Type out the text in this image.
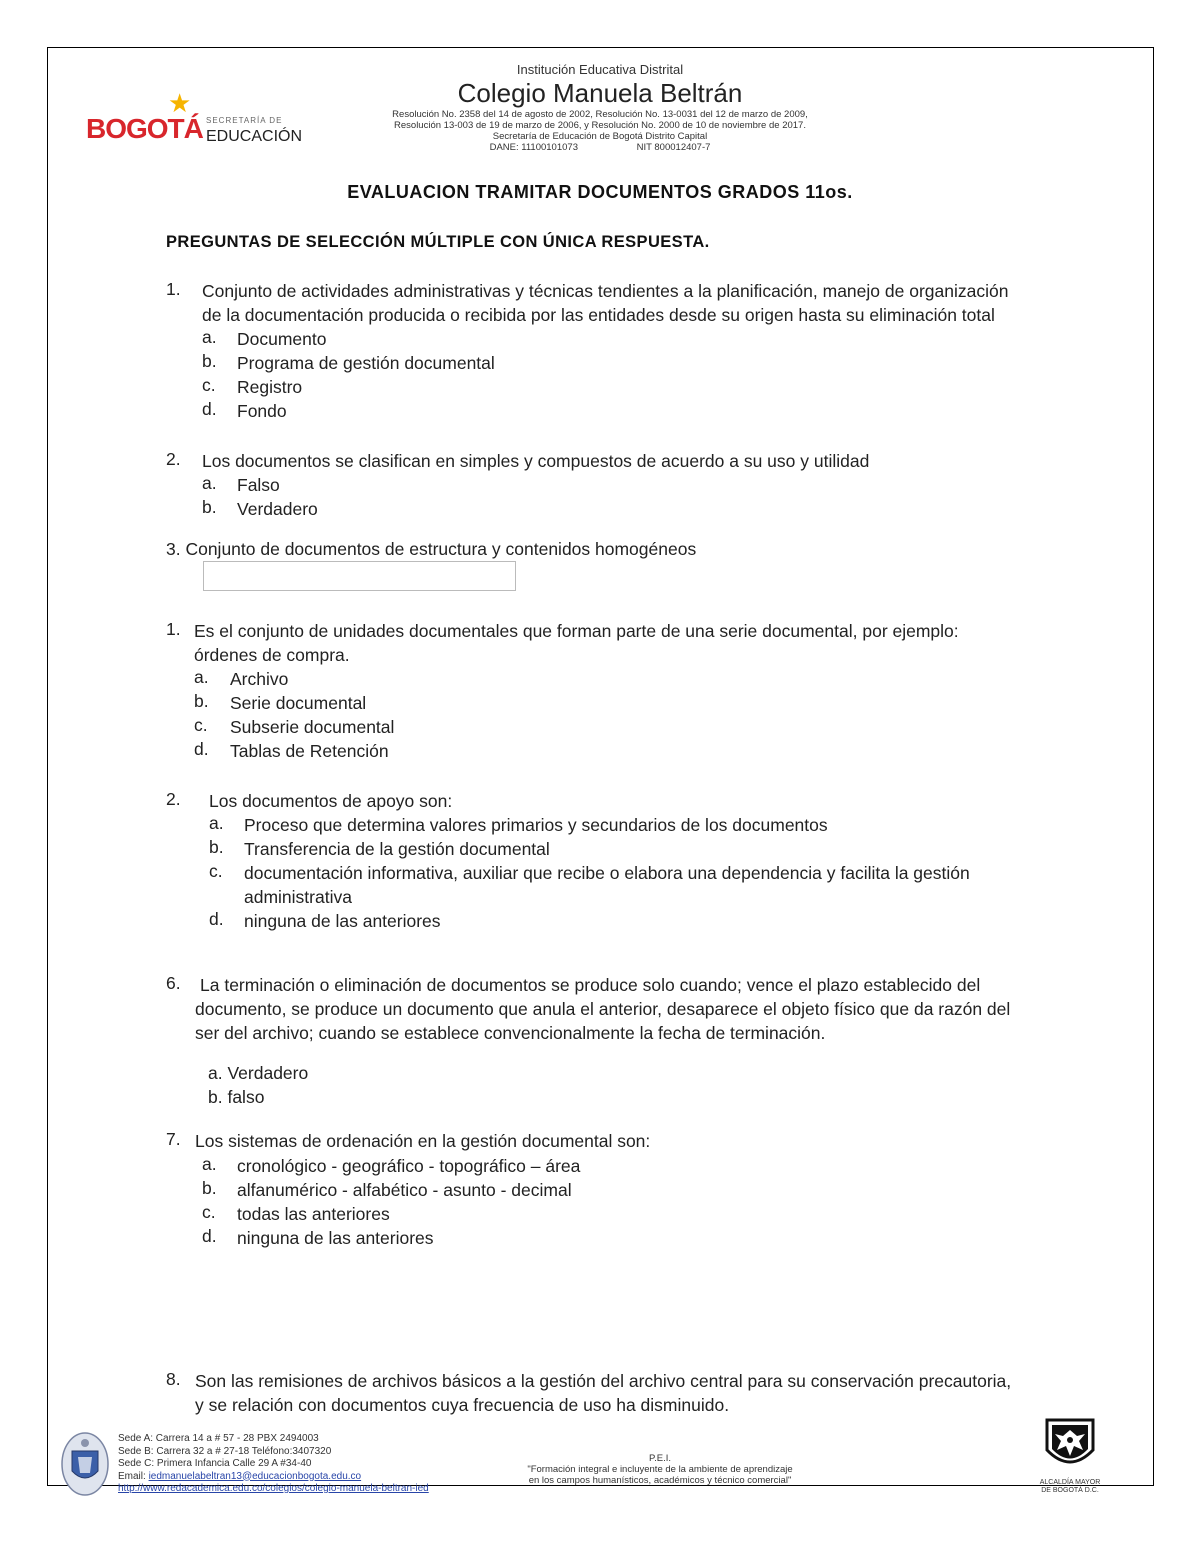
★
BOGOTÁ SECRETARÍA DE
EDUCACIÓN
Institución Educativa Distrital
Colegio Manuela Beltrán
Resolución No. 2358 del 14 de agosto de 2002, Resolución No. 13-0031 del 12 de marzo de 2009,
Resolución 13-003 de 19 de marzo de 2006, y Resolución No. 2000 de 10 de noviembre de 2017.
Secretaría de Educación de Bogotá Distrito Capital
DANE: 11100101073	NIT 800012407-7
EVALUACION TRAMITAR DOCUMENTOS GRADOS 11os.
PREGUNTAS DE SELECCIÓN MÚLTIPLE CON ÚNICA RESPUESTA.
1. Conjunto de actividades administrativas y técnicas tendientes a la planificación, manejo de organización
de la documentación producida o recibida por las entidades desde su origen hasta su eliminación total
a. Documento
b. Programa de gestión documental
c. Registro
d. Fondo
2. Los documentos se clasifican en simples y compuestos de acuerdo a su uso y utilidad
a. Falso
b. Verdadero
3. Conjunto de documentos de estructura y contenidos homogéneos
1. Es el conjunto de unidades documentales que forman parte de una serie documental, por ejemplo:
órdenes de compra.
a. Archivo
b. Serie documental
c. Subserie documental
d. Tablas de Retención
2. Los documentos de apoyo son:
a. Proceso que determina valores primarios y secundarios de los documentos
b. Transferencia de la gestión documental
c. documentación informativa, auxiliar que recibe o elabora una dependencia y facilita la gestión
administrativa
d. ninguna de las anteriores
6. La terminación o eliminación de documentos se produce solo cuando; vence el plazo establecido del
documento, se produce un documento que anula el anterior, desaparece el objeto físico que da razón del
ser del archivo; cuando se establece convencionalmente la fecha de terminación.
a. Verdadero
b. falso
7. Los sistemas de ordenación en la gestión documental son:
a. cronológico - geográfico - topográfico – área
b. alfanumérico - alfabético - asunto - decimal
c. todas las anteriores
d. ninguna de las anteriores
8. Son las remisiones de archivos básicos a la gestión del archivo central para su conservación precautoria,
y se relación con documentos cuya frecuencia de uso ha disminuido.
Sede A: Carrera 14 a # 57 - 28 PBX 2494003
Sede B: Carrera 32 a # 27-18 Teléfono:3407320
Sede C: Primera Infancia Calle 29 A #34-40
Email: iedmanuelabeltran13@educacionbogota.edu.co
http://www.redacademica.edu.co/colegios/colegio-manuela-beltran-ied
P.E.I.
"Formación integral e incluyente de la ambiente de aprendizaje
en los campos humanísticos, académicos y técnico comercial"	ALCALDÍA MAYOR DE BOGOTÁ D.C.
